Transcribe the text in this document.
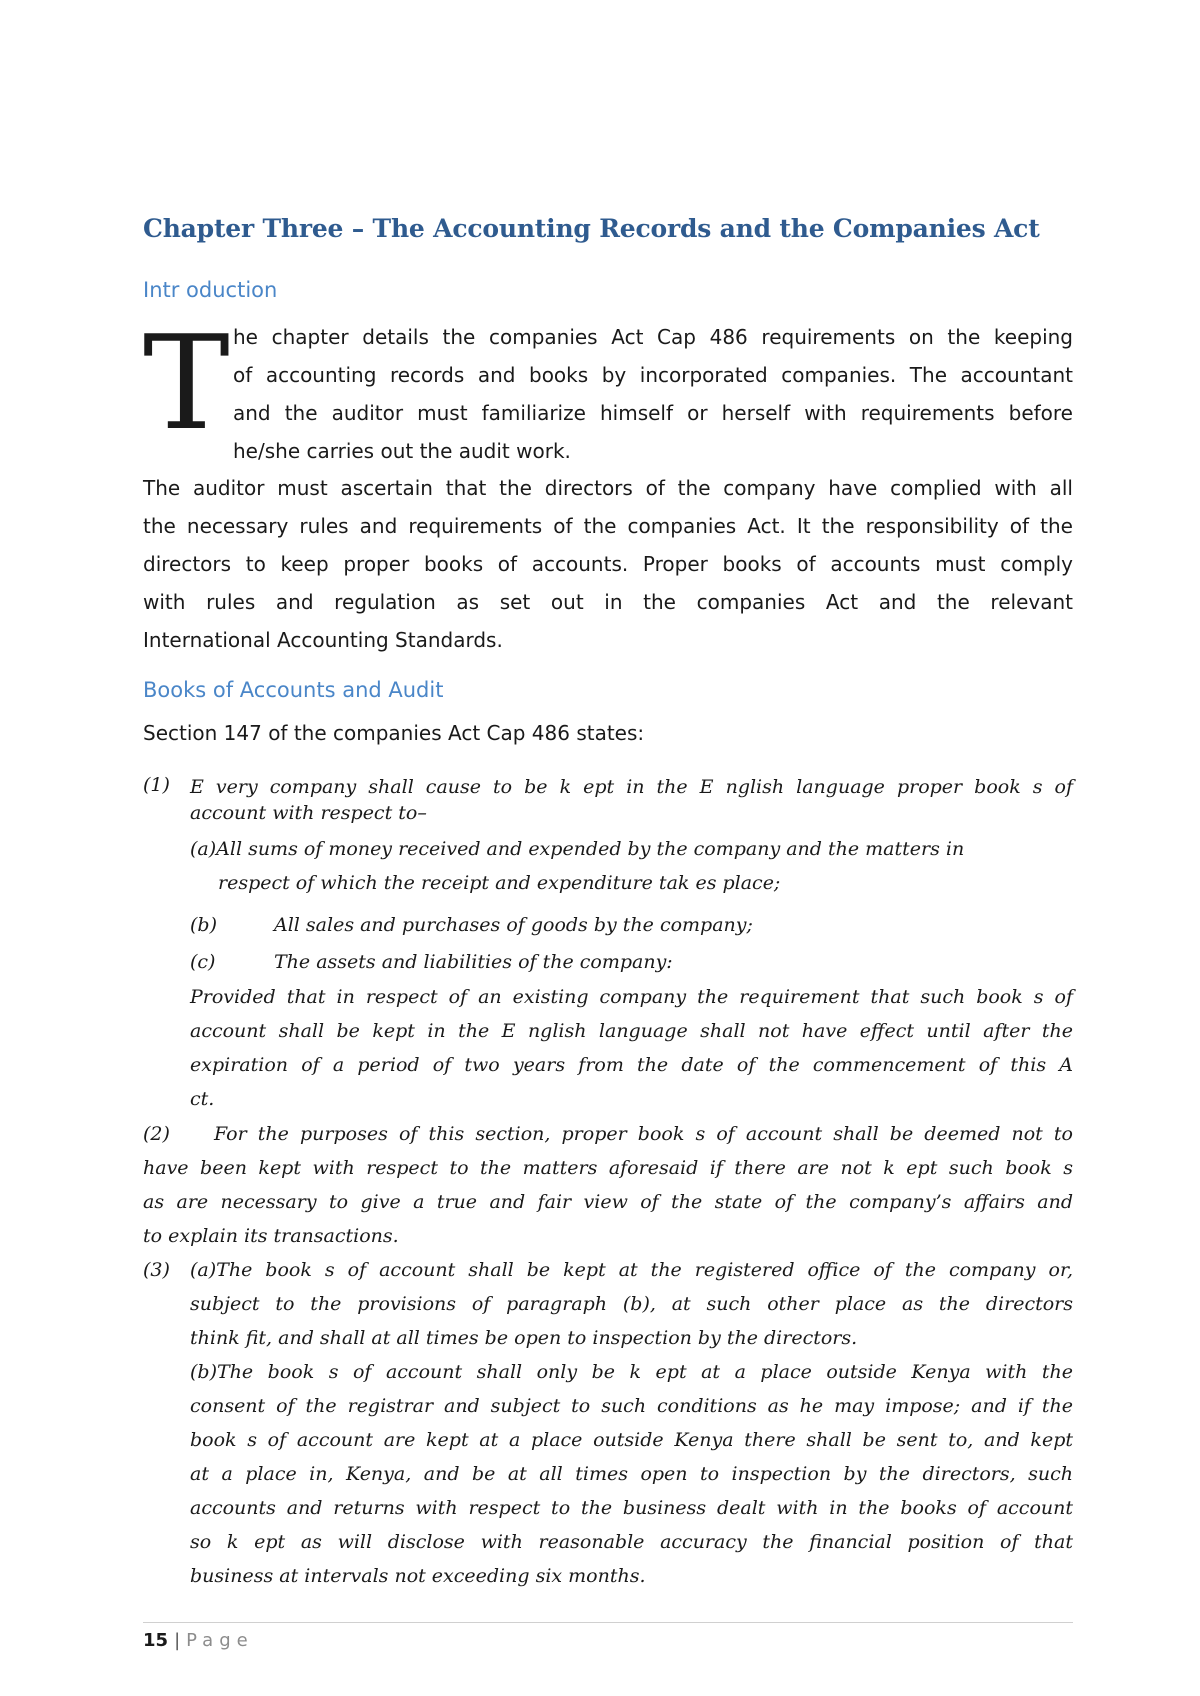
Chapter Three – The Accounting Records and the Companies Act
Intr oduction
T he chapter details the companies Act Cap 486 requirements on the keeping
of accounting records and books by incorporated companies. The accountant
and the auditor must familiarize himself or herself with requirements before
he/she carries out the audit work.
The auditor must ascertain that the directors of the company have complied with all
the necessary rules and requirements of the companies Act. It the responsibility of the
directors to keep proper books of accounts. Proper books of accounts must comply
with rules and regulation as set out in the companies Act and the relevant
International Accounting Standards.
Books of Accounts and Audit

Section 147 of the companies Act Cap 486 states:

(1) E very company shall cause to be k ept in the E nglish language proper book s of
account with respect to–
(a)All sums of money received and expended by the company and the matters in
respect of which the receipt and expenditure tak es place;
(b)	All sales and purchases of goods by the company;
(c)	The assets and liabilities of the company:
Provided that in respect of an existing company the requirement that such book s of
account shall be kept in the E nglish language shall not have effect until after the
expiration of a period of two years from the date of the commencement of this A
ct.
(2) For the purposes of this section, proper book s of account shall be deemed not to
have been kept with respect to the matters aforesaid if there are not k ept such book s
as are necessary to give a true and fair view of the state of the company’s affairs and
to explain its transactions.
(3) (a)The book s of account shall be kept at the registered office of the company or,
subject to the provisions of paragraph (b), at such other place as the directors
think fit, and shall at all times be open to inspection by the directors.
(b)The book s of account shall only be k ept at a place outside Kenya with the
consent of the registrar and subject to such conditions as he may impose; and if the
book s of account are kept at a place outside Kenya there shall be sent to, and kept
at a place in, Kenya, and be at all times open to inspection by the directors, such
accounts and returns with respect to the business dealt with in the books of account
so k ept as will disclose with reasonable accuracy the financial position of that
business at intervals not exceeding six months.
15 | Page
